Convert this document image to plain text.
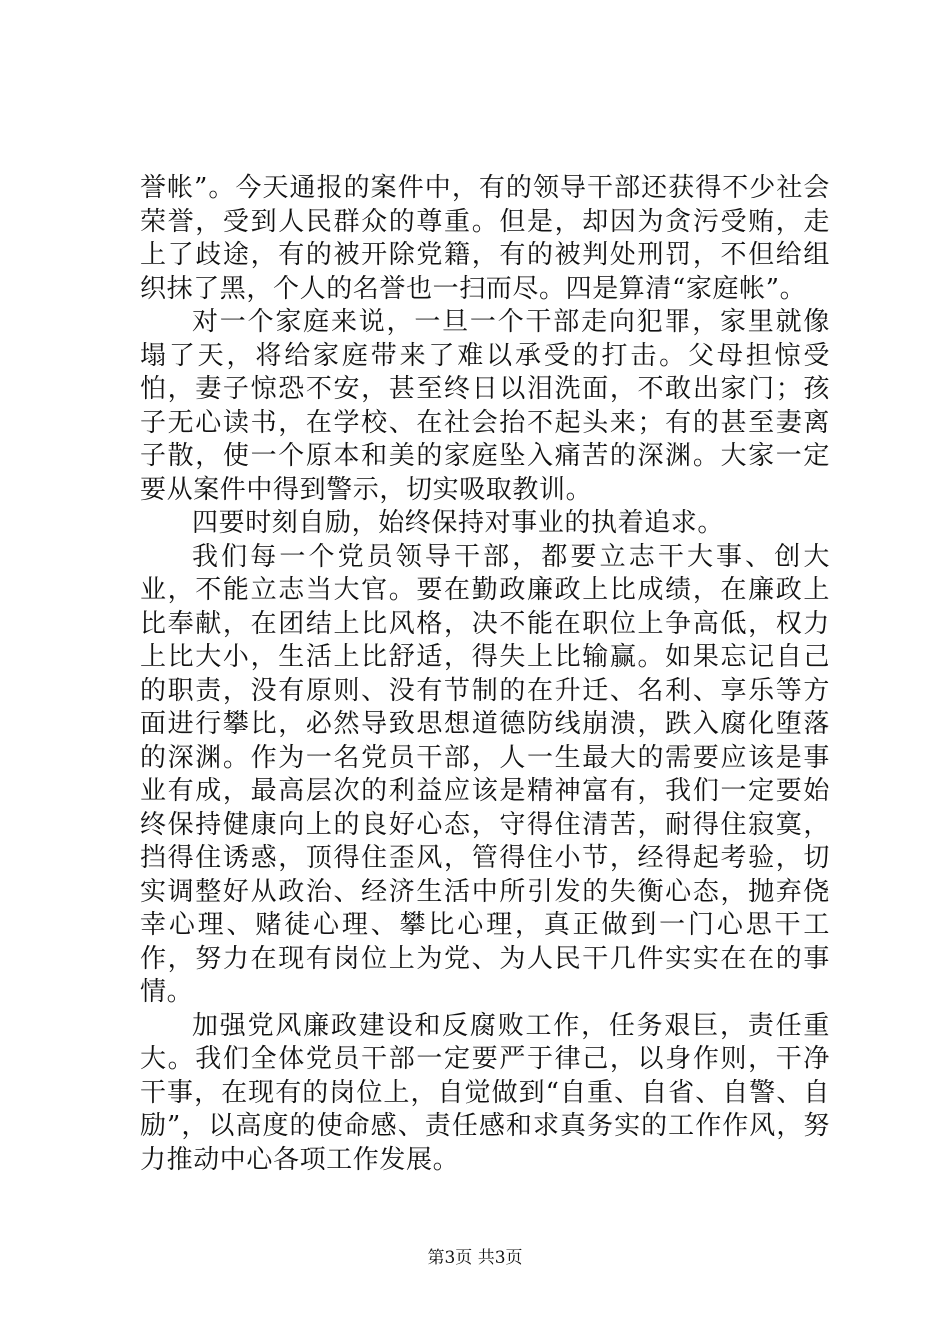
誉帐”。今天通报的案件中，有的领导干部还获得不少社会荣誉，受到人民群众的尊重。但是，却因为贪污受贿，走上了歧途，有的被开除党籍，有的被判处刑罚，不但给组织抹了黑，个人的名誉也一扫而尽。四是算清“家庭帐”。

对一个家庭来说，一旦一个干部走向犯罪，家里就像塌了天，将给家庭带来了难以承受的打击。父母担惊受怕，妻子惊恐不安，甚至终日以泪洗面，不敢出家门；孩子无心读书，在学校、在社会抬不起头来；有的甚至妻离子散，使一个原本和美的家庭坠入痛苦的深渊。大家一定要从案件中得到警示，切实吸取教训。

四要时刻自励，始终保持对事业的执着追求。

我们每一个党员领导干部，都要立志干大事、创大业，不能立志当大官。要在勤政廉政上比成绩，在廉政上比奉献，在团结上比风格，决不能在职位上争高低，权力上比大小，生活上比舒适，得失上比输赢。如果忘记自己的职责，没有原则、没有节制的在升迁、名利、享乐等方面进行攀比，必然导致思想道德防线崩溃，跌入腐化堕落的深渊。作为一名党员干部，人一生最大的需要应该是事业有成，最高层次的利益应该是精神富有，我们一定要始终保持健康向上的良好心态，守得住清苦，耐得住寂寞，挡得住诱惑，顶得住歪风，管得住小节，经得起考验，切实调整好从政治、经济生活中所引发的失衡心态，抛弃侥幸心理、赌徒心理、攀比心理，真正做到一门心思干工作，努力在现有岗位上为党、为人民干几件实实在在的事情。

加强党风廉政建设和反腐败工作，任务艰巨，责任重大。我们全体党员干部一定要严于律己，以身作则，干净干事，在现有的岗位上，自觉做到“自重、自省、自警、自励”，以高度的使命感、责任感和求真务实的工作作风，努力推动中心各项工作发展。

第3页 共3页
